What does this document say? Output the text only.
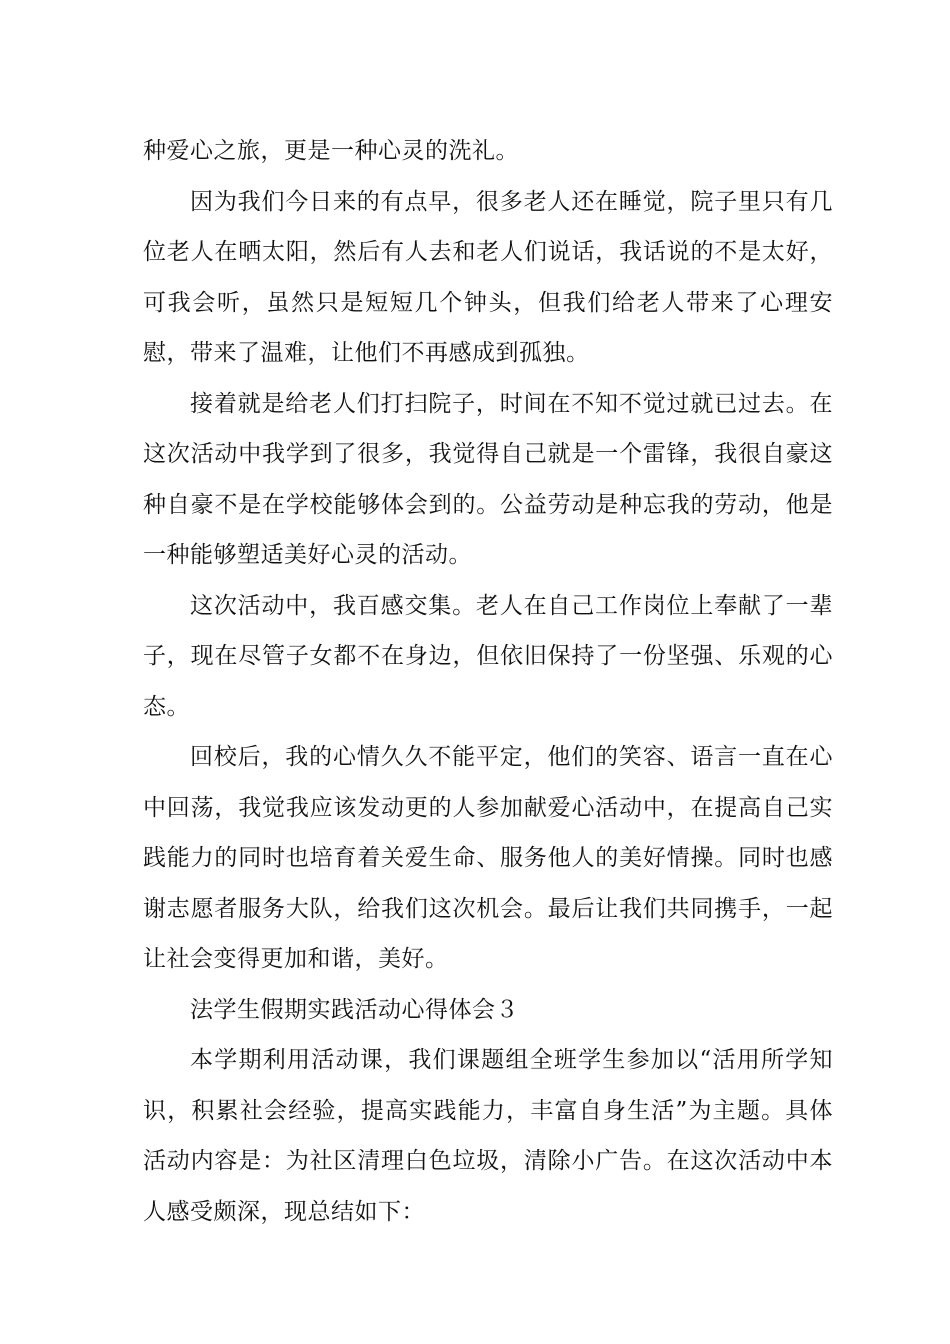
种爱心之旅，更是一种心灵的洗礼。

因为我们今日来的有点早，很多老人还在睡觉，院子里只有几位老人在晒太阳，然后有人去和老人们说话，我话说的不是太好，可我会听，虽然只是短短几个钟头，但我们给老人带来了心理安慰，带来了温难，让他们不再感成到孤独。

接着就是给老人们打扫院子，时间在不知不觉过就已过去。在这次活动中我学到了很多，我觉得自己就是一个雷锋，我很自豪这种自豪不是在学校能够体会到的。公益劳动是种忘我的劳动，他是一种能够塑适美好心灵的活动。

这次活动中，我百感交集。老人在自己工作岗位上奉献了一辈子，现在尽管子女都不在身边，但依旧保持了一份坚强、乐观的心态。

回校后，我的心情久久不能平定，他们的笑容、语言一直在心中回荡，我觉我应该发动更的人参加献爱心活动中，在提高自己实践能力的同时也培育着关爱生命、服务他人的美好情操。同时也感谢志愿者服务大队，给我们这次机会。最后让我们共同携手，一起让社会变得更加和谐，美好。

法学生假期实践活动心得体会３

本学期利用活动课，我们课题组全班学生参加以“活用所学知识，积累社会经验，提高实践能力，丰富自身生活”为主题。具体活动内容是：为社区清理白色垃圾，清除小广告。在这次活动中本人感受颇深，现总结如下：
